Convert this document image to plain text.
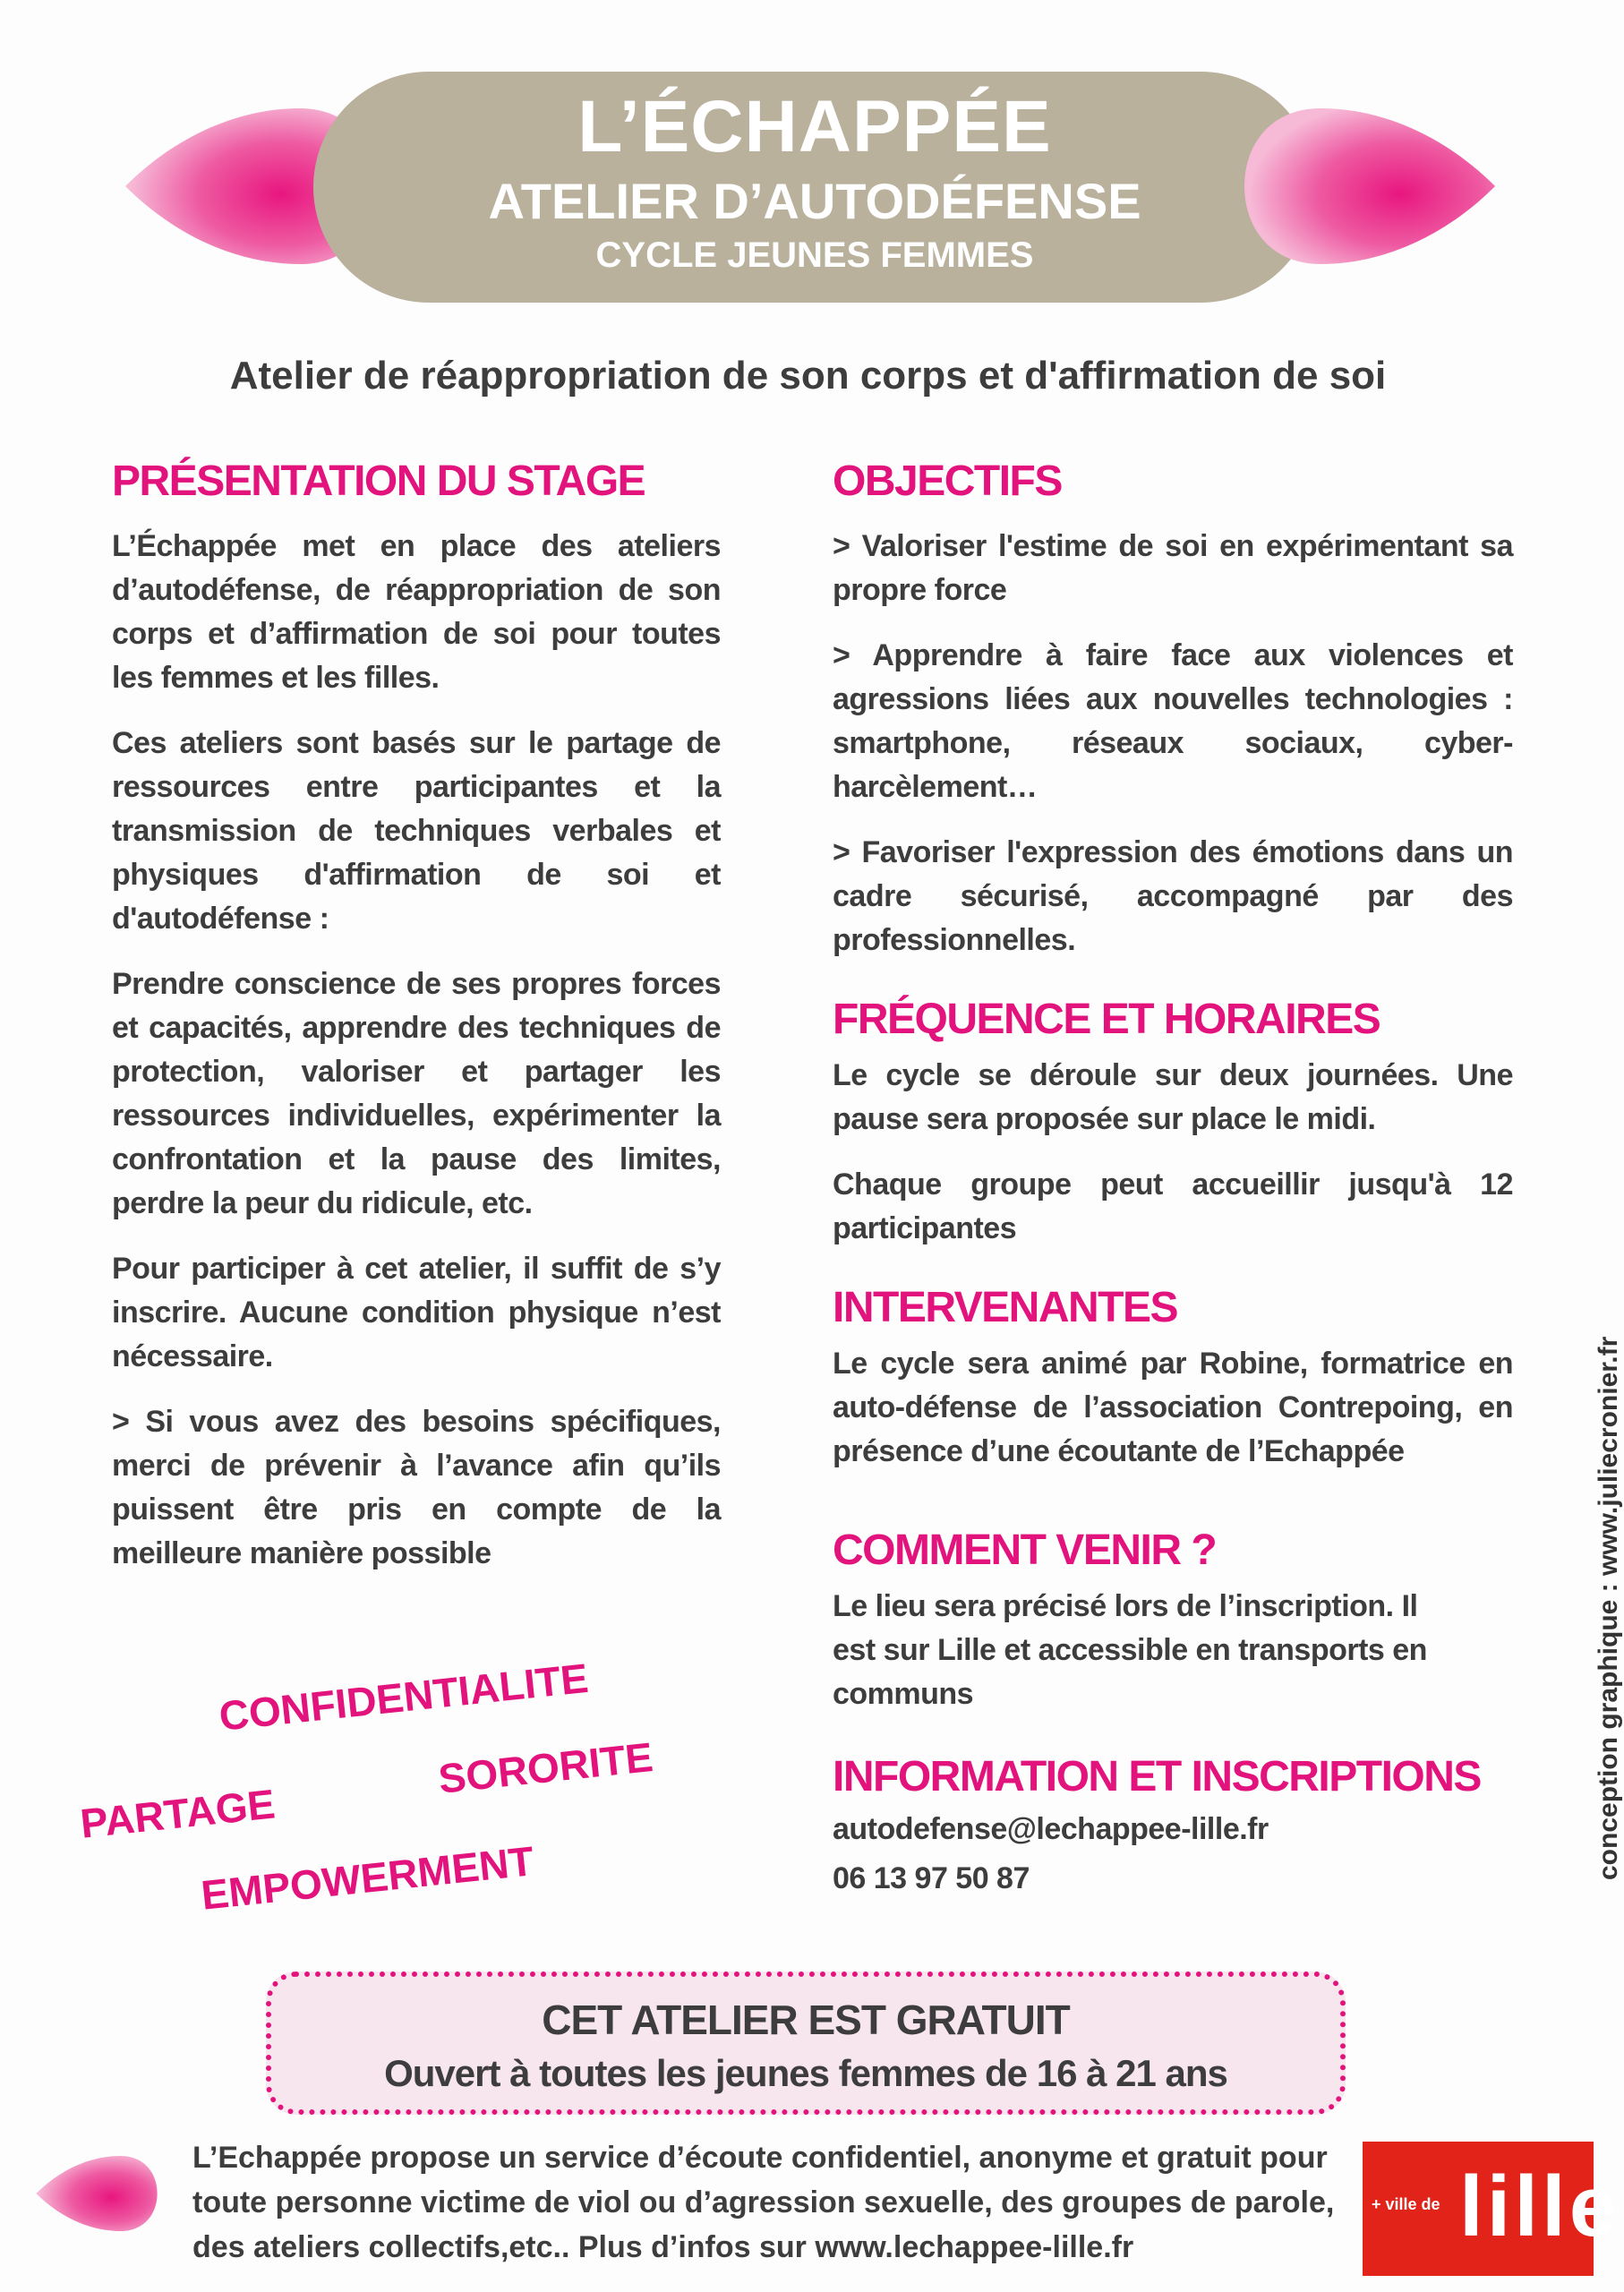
L’ÉCHAPPÉE
ATELIER D’AUTODÉFENSE
CYCLE JEUNES FEMMES
Atelier de réappropriation de son corps et d'affirmation de soi
PRÉSENTATION DU STAGE

L’Échappée met en place des ateliers d’autodéfense, de réappropriation de son corps et d’affirmation de soi pour toutes les femmes et les filles.

Ces ateliers sont basés sur le partage de ressources entre participantes et la transmission de techniques verbales et physiques d'affirmation de soi et d'autodéfense :

Prendre conscience de ses propres forces et capacités, apprendre des techniques de protection, valoriser et partager les ressources individuelles, expérimenter la confrontation et la pause des limites, perdre la peur du ridicule, etc.

Pour participer à cet atelier, il suffit de s’y inscrire. Aucune condition physique n’est nécessaire.

> Si vous avez des besoins spécifiques, merci de prévenir à l’avance afin qu’ils puissent être pris en compte de la meilleure manière possible

OBJECTIFS

> Valoriser l'estime de soi en expérimentant sa propre force

> Apprendre à faire face aux violences et agressions liées aux nouvelles technologies : smartphone, réseaux sociaux, cyber-harcèlement…

> Favoriser l'expression des émotions dans un cadre sécurisé, accompagné par des professionnelles.

FRÉQUENCE ET HORAIRES

Le cycle se déroule sur deux journées. Une pause sera proposée sur place le midi.

Chaque groupe peut accueillir jusqu'à 12 participantes

INTERVENANTES

Le cycle sera animé par Robine, formatrice en auto-défense de l’association Contrepoing, en présence d’une écoutante de l’Echappée

COMMENT VENIR ?

Le lieu sera précisé lors de l’inscription. Il est sur Lille et accessible en transports en communs

INFORMATION ET INSCRIPTIONS

autodefense@lechappee-lille.fr

06 13 97 50 87

CONFIDENTIALITE
PARTAGE
SORORITE
EMPOWERMENT	conception graphique : www.juliecronier.fr
CET ATELIER EST GRATUIT
Ouvert à toutes les jeunes femmes de 16 à 21 ans
L’Echappée propose un service d’écoute confidentiel, anonyme et gratuit pour toute personne victime de viol ou d’agression sexuelle, des groupes de parole, des ateliers collectifs,etc.. Plus d’infos sur www.lechappee-lille.fr
+ ville de lille
